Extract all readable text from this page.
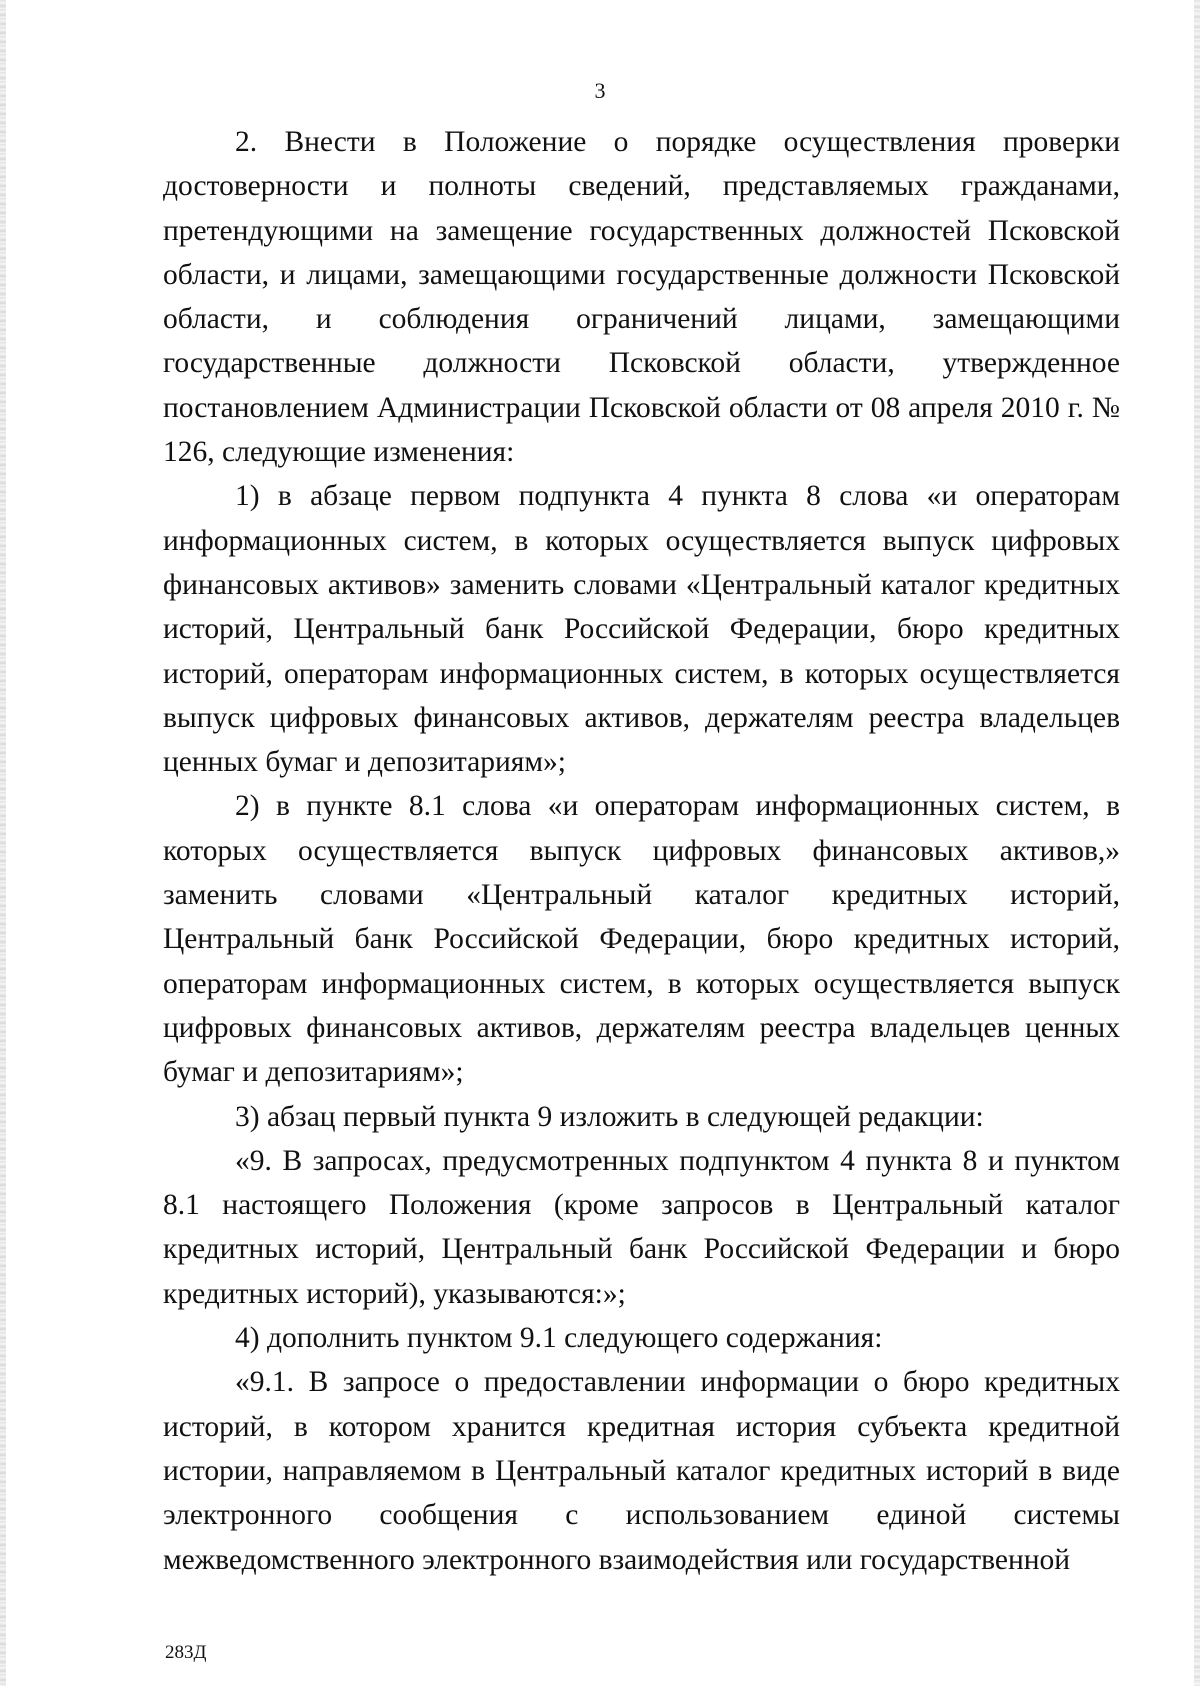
3

2. Внести в Положение о порядке осуществления проверки достоверности и полноты сведений, представляемых гражданами, претендующими на замещение государственных должностей Псковской области, и лицами, замещающими государственные должности Псковской области, и соблюдения ограничений лицами, замещающими государственные должности Псковской области, утвержденное постановлением Администрации Псковской области от 08 апреля 2010 г. № 126, следующие изменения:

1) в абзаце первом подпункта 4 пункта 8 слова «и операторам информационных систем, в которых осуществляется выпуск цифровых финансовых активов» заменить словами «Центральный каталог кредитных историй, Центральный банк Российской Федерации, бюро кредитных историй, операторам информационных систем, в которых осуществляется выпуск цифровых финансовых активов, держателям реестра владельцев ценных бумаг и депозитариям»;

2) в пункте 8.1 слова «и операторам информационных систем, в которых осуществляется выпуск цифровых финансовых активов,» заменить словами «Центральный каталог кредитных историй, Центральный банк Российской Федерации, бюро кредитных историй, операторам информационных систем, в которых осуществляется выпуск цифровых финансовых активов, держателям реестра владельцев ценных бумаг и депозитариям»;

3) абзац первый пункта 9 изложить в следующей редакции:

«9. В запросах, предусмотренных подпунктом 4 пункта 8 и пунктом 8.1 настоящего Положения (кроме запросов в Центральный каталог кредитных историй, Центральный банк Российской Федерации и бюро кредитных историй), указываются:»;

4) дополнить пунктом 9.1 следующего содержания:

«9.1. В запросе о предоставлении информации о бюро кредитных историй, в котором хранится кредитная история субъекта кредитной истории, направляемом в Центральный каталог кредитных историй в виде электронного сообщения с использованием единой системы межведомственного электронного взаимодействия или государственной

283Д
